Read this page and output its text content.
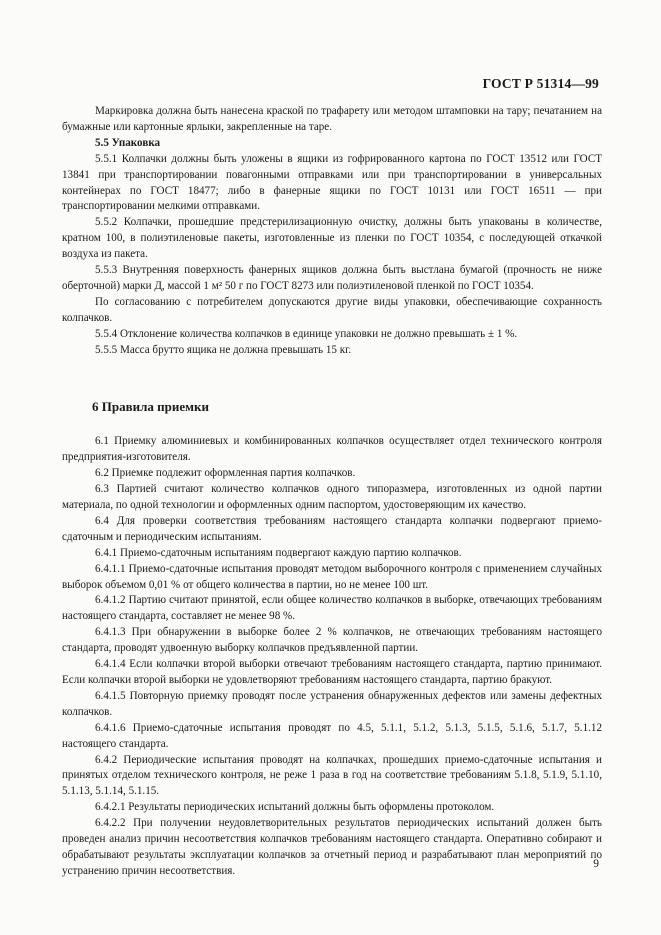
ГОСТ Р 51314—99

Маркировка должна быть нанесена краской по трафарету или методом штамповки на тару; печатанием на бумажные или картонные ярлыки, закрепленные на таре.

5.5 Упаковка

5.5.1 Колпачки должны быть уложены в ящики из гофрированного картона по ГОСТ 13512 или ГОСТ 13841 при транспортировании повагонными отправками или при транспортировании в универсальных контейнерах по ГОСТ 18477; либо в фанерные ящики по ГОСТ 10131 или ГОСТ 16511 — при транспортировании мелкими отправками.

5.5.2 Колпачки, прошедшие предстерилизационную очистку, должны быть упакованы в количестве, кратном 100, в полиэтиленовые пакеты, изготовленные из пленки по ГОСТ 10354, с последующей откачкой воздуха из пакета.

5.5.3 Внутренняя поверхность фанерных ящиков должна быть выстлана бумагой (прочность не ниже оберточной) марки Д, массой 1 м² 50 г по ГОСТ 8273 или полиэтиленовой пленкой по ГОСТ 10354.

По согласованию с потребителем допускаются другие виды упаковки, обеспечивающие сохранность колпачков.

5.5.4 Отклонение количества колпачков в единице упаковки не должно превышать ± 1 %.

5.5.5 Масса брутто ящика не должна превышать 15 кг.

6 Правила приемки

6.1 Приемку алюминиевых и комбинированных колпачков осуществляет отдел технического контроля предприятия-изготовителя.

6.2 Приемке подлежит оформленная партия колпачков.

6.3 Партией считают количество колпачков одного типоразмера, изготовленных из одной партии материала, по одной технологии и оформленных одним паспортом, удостоверяющим их качество.

6.4 Для проверки соответствия требованиям настоящего стандарта колпачки подвергают приемо-сдаточным и периодическим испытаниям.

6.4.1 Приемо-сдаточным испытаниям подвергают каждую партию колпачков.

6.4.1.1 Приемо-сдаточные испытания проводят методом выборочного контроля с применением случайных выборок объемом 0,01 % от общего количества в партии, но не менее 100 шт.

6.4.1.2 Партию считают принятой, если общее количество колпачков в выборке, отвечающих требованиям настоящего стандарта, составляет не менее 98 %.

6.4.1.3 При обнаружении в выборке более 2 % колпачков, не отвечающих требованиям настоящего стандарта, проводят удвоенную выборку колпачков предъявленной партии.

6.4.1.4 Если колпачки второй выборки отвечают требованиям настоящего стандарта, партию принимают. Если колпачки второй выборки не удовлетворяют требованиям настоящего стандарта, партию бракуют.

6.4.1.5 Повторную приемку проводят после устранения обнаруженных дефектов или замены дефектных колпачков.

6.4.1.6 Приемо-сдаточные испытания проводят по 4.5, 5.1.1, 5.1.2, 5.1.3, 5.1.5, 5.1.6, 5.1.7, 5.1.12 настоящего стандарта.

6.4.2 Периодические испытания проводят на колпачках, прошедших приемо-сдаточные испытания и принятых отделом технического контроля, не реже 1 раза в год на соответствие требованиям 5.1.8, 5.1.9, 5.1.10, 5.1.13, 5.1.14, 5.1.15.

6.4.2.1 Результаты периодических испытаний должны быть оформлены протоколом.

6.4.2.2 При получении неудовлетворительных результатов периодических испытаний должен быть проведен анализ причин несоответствия колпачков требованиям настоящего стандарта. Оперативно собирают и обрабатывают результаты эксплуатации колпачков за отчетный период и разрабатывают план мероприятий по устранению причин несоответствия.

9
